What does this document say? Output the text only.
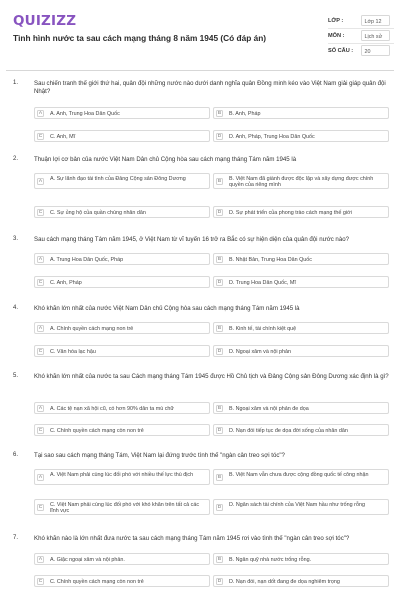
QUIZIZZ
Tình hình nước ta sau cách mạng tháng 8 năm 1945 (Có đáp án)
LỚP :	Lớp 12
MÔN :	Lịch sử
SỐ CÂU :	20
1.	Sau chiến tranh thế giới thứ hai, quân đội những nước nào dưới danh nghĩa quân Đồng minh kéo vào Việt Nam giải giáp quân đội Nhật?
A	A. Anh, Trung Hoa Dân Quốc	B	B. Anh, Pháp
C	C. Anh, Mĩ	D	D. Anh, Pháp, Trung Hoa Dân Quốc
2.	Thuận lợi cơ bản của nước Việt Nam Dân chủ Cộng hòa sau cách mạng tháng Tám năm 1945 là
A	A. Sự lãnh đạo tài tình của Đảng Cộng sản Đông Dương	B	B. Việt Nam đã giành được độc lập và xây dựng được chính quyền của riêng mình
C	C. Sự ủng hộ của quần chúng nhân dân	D	D. Sự phát triển của phong trào cách mạng thế giới
3.	Sau cách mạng tháng Tám năm 1945, ở Việt Nam từ vĩ tuyến 16 trở ra Bắc có sự hiện diện của quân đội nước nào?
A	A. Trung Hoa Dân Quốc, Pháp	B	B. Nhật Bản, Trung Hoa Dân Quốc
C	C. Anh, Pháp	D	D. Trung Hoa Dân Quốc, Mĩ
4.	Khó khăn lớn nhất của nước Việt Nam Dân chủ Cộng hòa sau cách mạng tháng Tám năm 1945 là
A	A. Chính quyền cách mạng non trẻ	B	B. Kinh tế, tài chính kiệt quệ
C	C. Văn hóa lạc hậu	D	D. Ngoại xâm và nội phản
5.	Khó khăn lớn nhất của nước ta sau Cách mạng tháng Tám 1945 được Hồ Chủ tịch và Đảng Cộng sản Đông Dương xác định là gì?
A	A. Các tệ nạn xã hội cũ, có hơn 90% dân ta mù chữ	B	B. Ngoại xâm và nội phản đe dọa
C	C. Chính quyền cách mạng còn non trẻ	D	D. Nạn đói tiếp tục đe dọa đời sống của nhân dân
6.	Tại sao sau cách mạng tháng Tám, Việt Nam lại đứng trước tình thế "ngàn cân treo sợi tóc"?
A	A. Việt Nam phải cùng lúc đối phó với nhiều thế lực thù địch	B	B. Việt Nam vẫn chưa được cộng đồng quốc tế công nhận
C	C. Việt Nam phải cùng lúc đối phó với khó khăn trên tất cả các lĩnh vực	D	D. Ngân sách tài chính của Việt Nam hầu như trống rỗng
7.	Khó khăn nào là lớn nhất đưa nước ta sau cách mạng tháng Tám năm 1945 rơi vào tình thế "ngàn cân treo sợi tóc"?
A	A. Giặc ngoại xâm và nội phản.	B	B. Ngân quỹ nhà nước trống rỗng.
C	C. Chính quyền cách mạng còn non trẻ	D	D. Nạn đói, nạn dốt đang đe dọa nghiêm trọng
